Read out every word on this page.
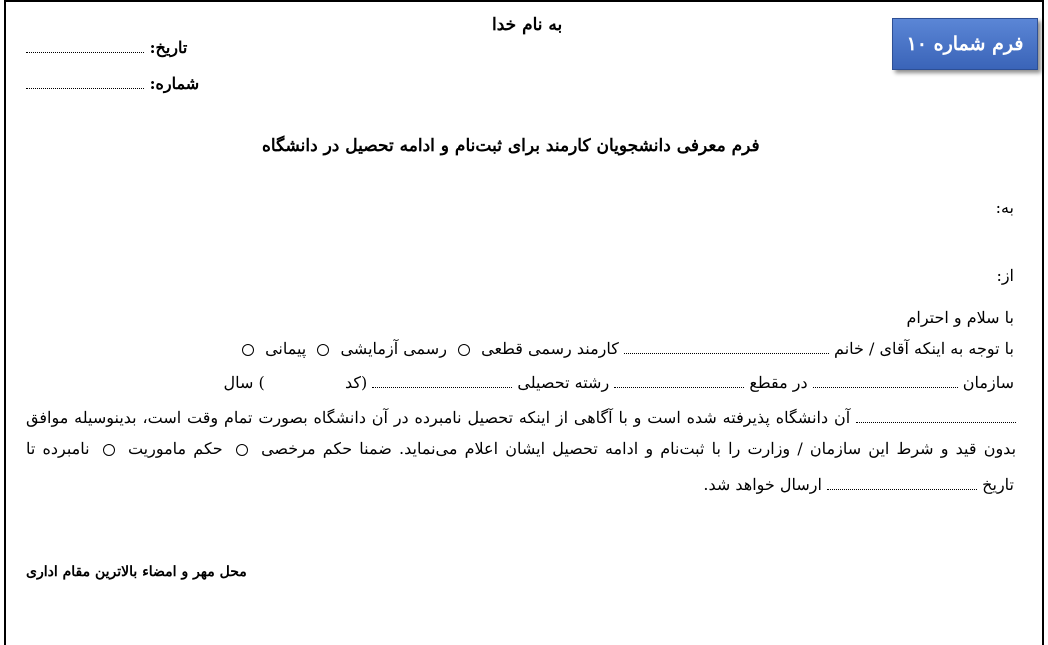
فرم شماره ۱۰
به نام خدا
تاریخ:
شماره:
فرم معرفی دانشجویان کارمند برای ثبت‌نام و ادامه تحصیل در دانشگاه
به:
از:
با سلام و احترام
با توجه به اینکه آقای / خانم  کارمند رسمی قطعی  رسمی آزمایشی  پیمانی
سازمان  در مقطع  رشته تحصیلی  (کد  ) سال
آن دانشگاه پذیرفته شده است و با آگاهی از اینکه تحصیل نامبرده در آن دانشگاه بصورت تمام وقت است، بدینوسیله موافق بدون قید و شرط این سازمان / وزارت را با ثبت‌نام و ادامه تحصیل ایشان اعلام می‌نماید. ضمنا حکم مرخصی  حکم ماموریت  نامبرده تا
تاریخ  ارسال خواهد شد.
محل مهر و امضاء بالاترین مقام اداری
